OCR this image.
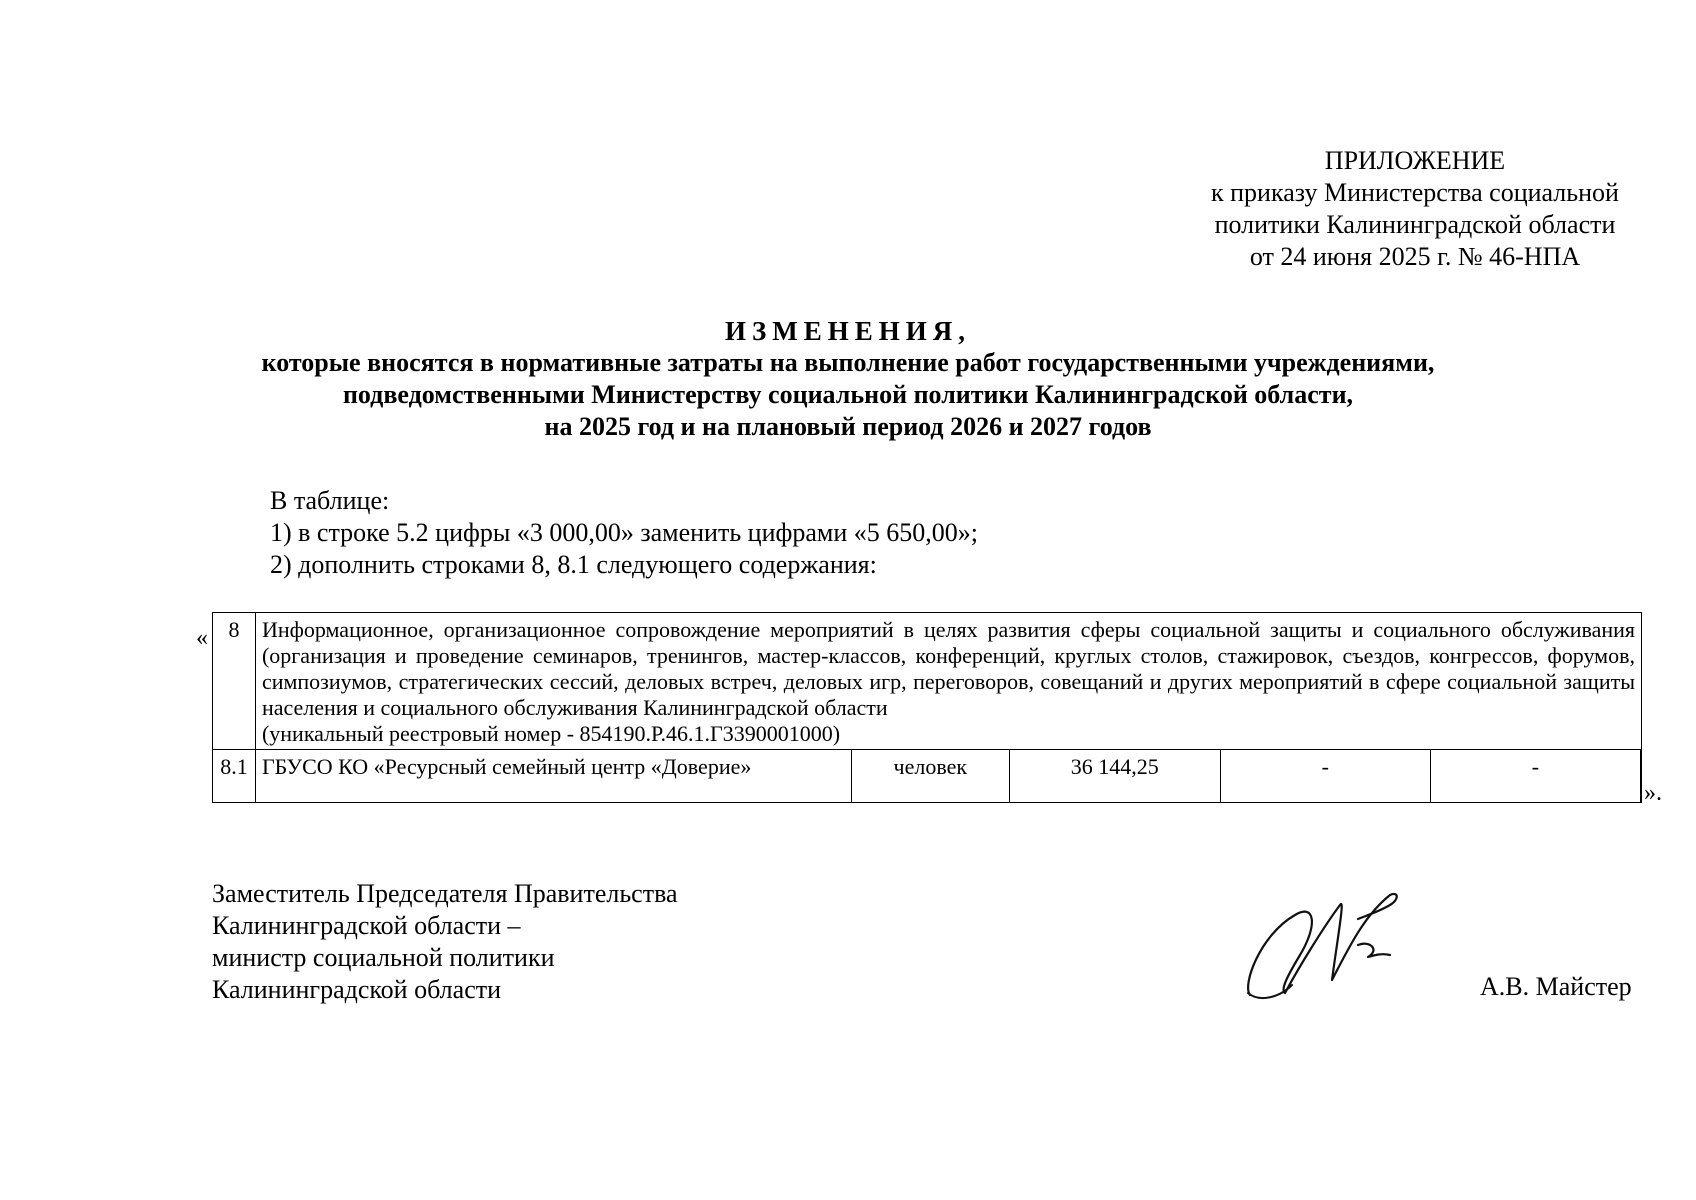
ПРИЛОЖЕНИЕ
к приказу Министерства социальной
политики Калининградской области
от 24 июня 2025 г. № 46-НПА
ИЗМЕНЕНИЯ,
которые вносятся в нормативные затраты на выполнение работ государственными учреждениями,
подведомственными Министерству социальной политики Калининградской области,
на 2025 год и на плановый период 2026 и 2027 годов
В таблице:
1) в строке 5.2 цифры «3 000,00» заменить цифрами «5 650,00»;
2) дополнить строками 8, 8.1 следующего содержания:
« 8	Информационное, организационное сопровождение мероприятий в целях развития сферы социальной защиты и социального обслуживания (организация и проведение семинаров, тренингов, мастер-классов, конференций, круглых столов, стажировок, съездов, конгрессов, форумов, симпозиумов, стратегических сессий, деловых встреч, деловых игр, переговоров, совещаний и других мероприятий в сфере социальной защиты населения и социального обслуживания Калининградской области
(уникальный реестровый номер - 854190.Р.46.1.Г3390001000)					
8.1	ГБУСО КО «Ресурсный семейный центр «Доверие»	человек	36 144,25	-	-	
».
Заместитель Председателя Правительства
Калининградской области –
министр социальной политики
Калининградской области	А.В. Майстер
